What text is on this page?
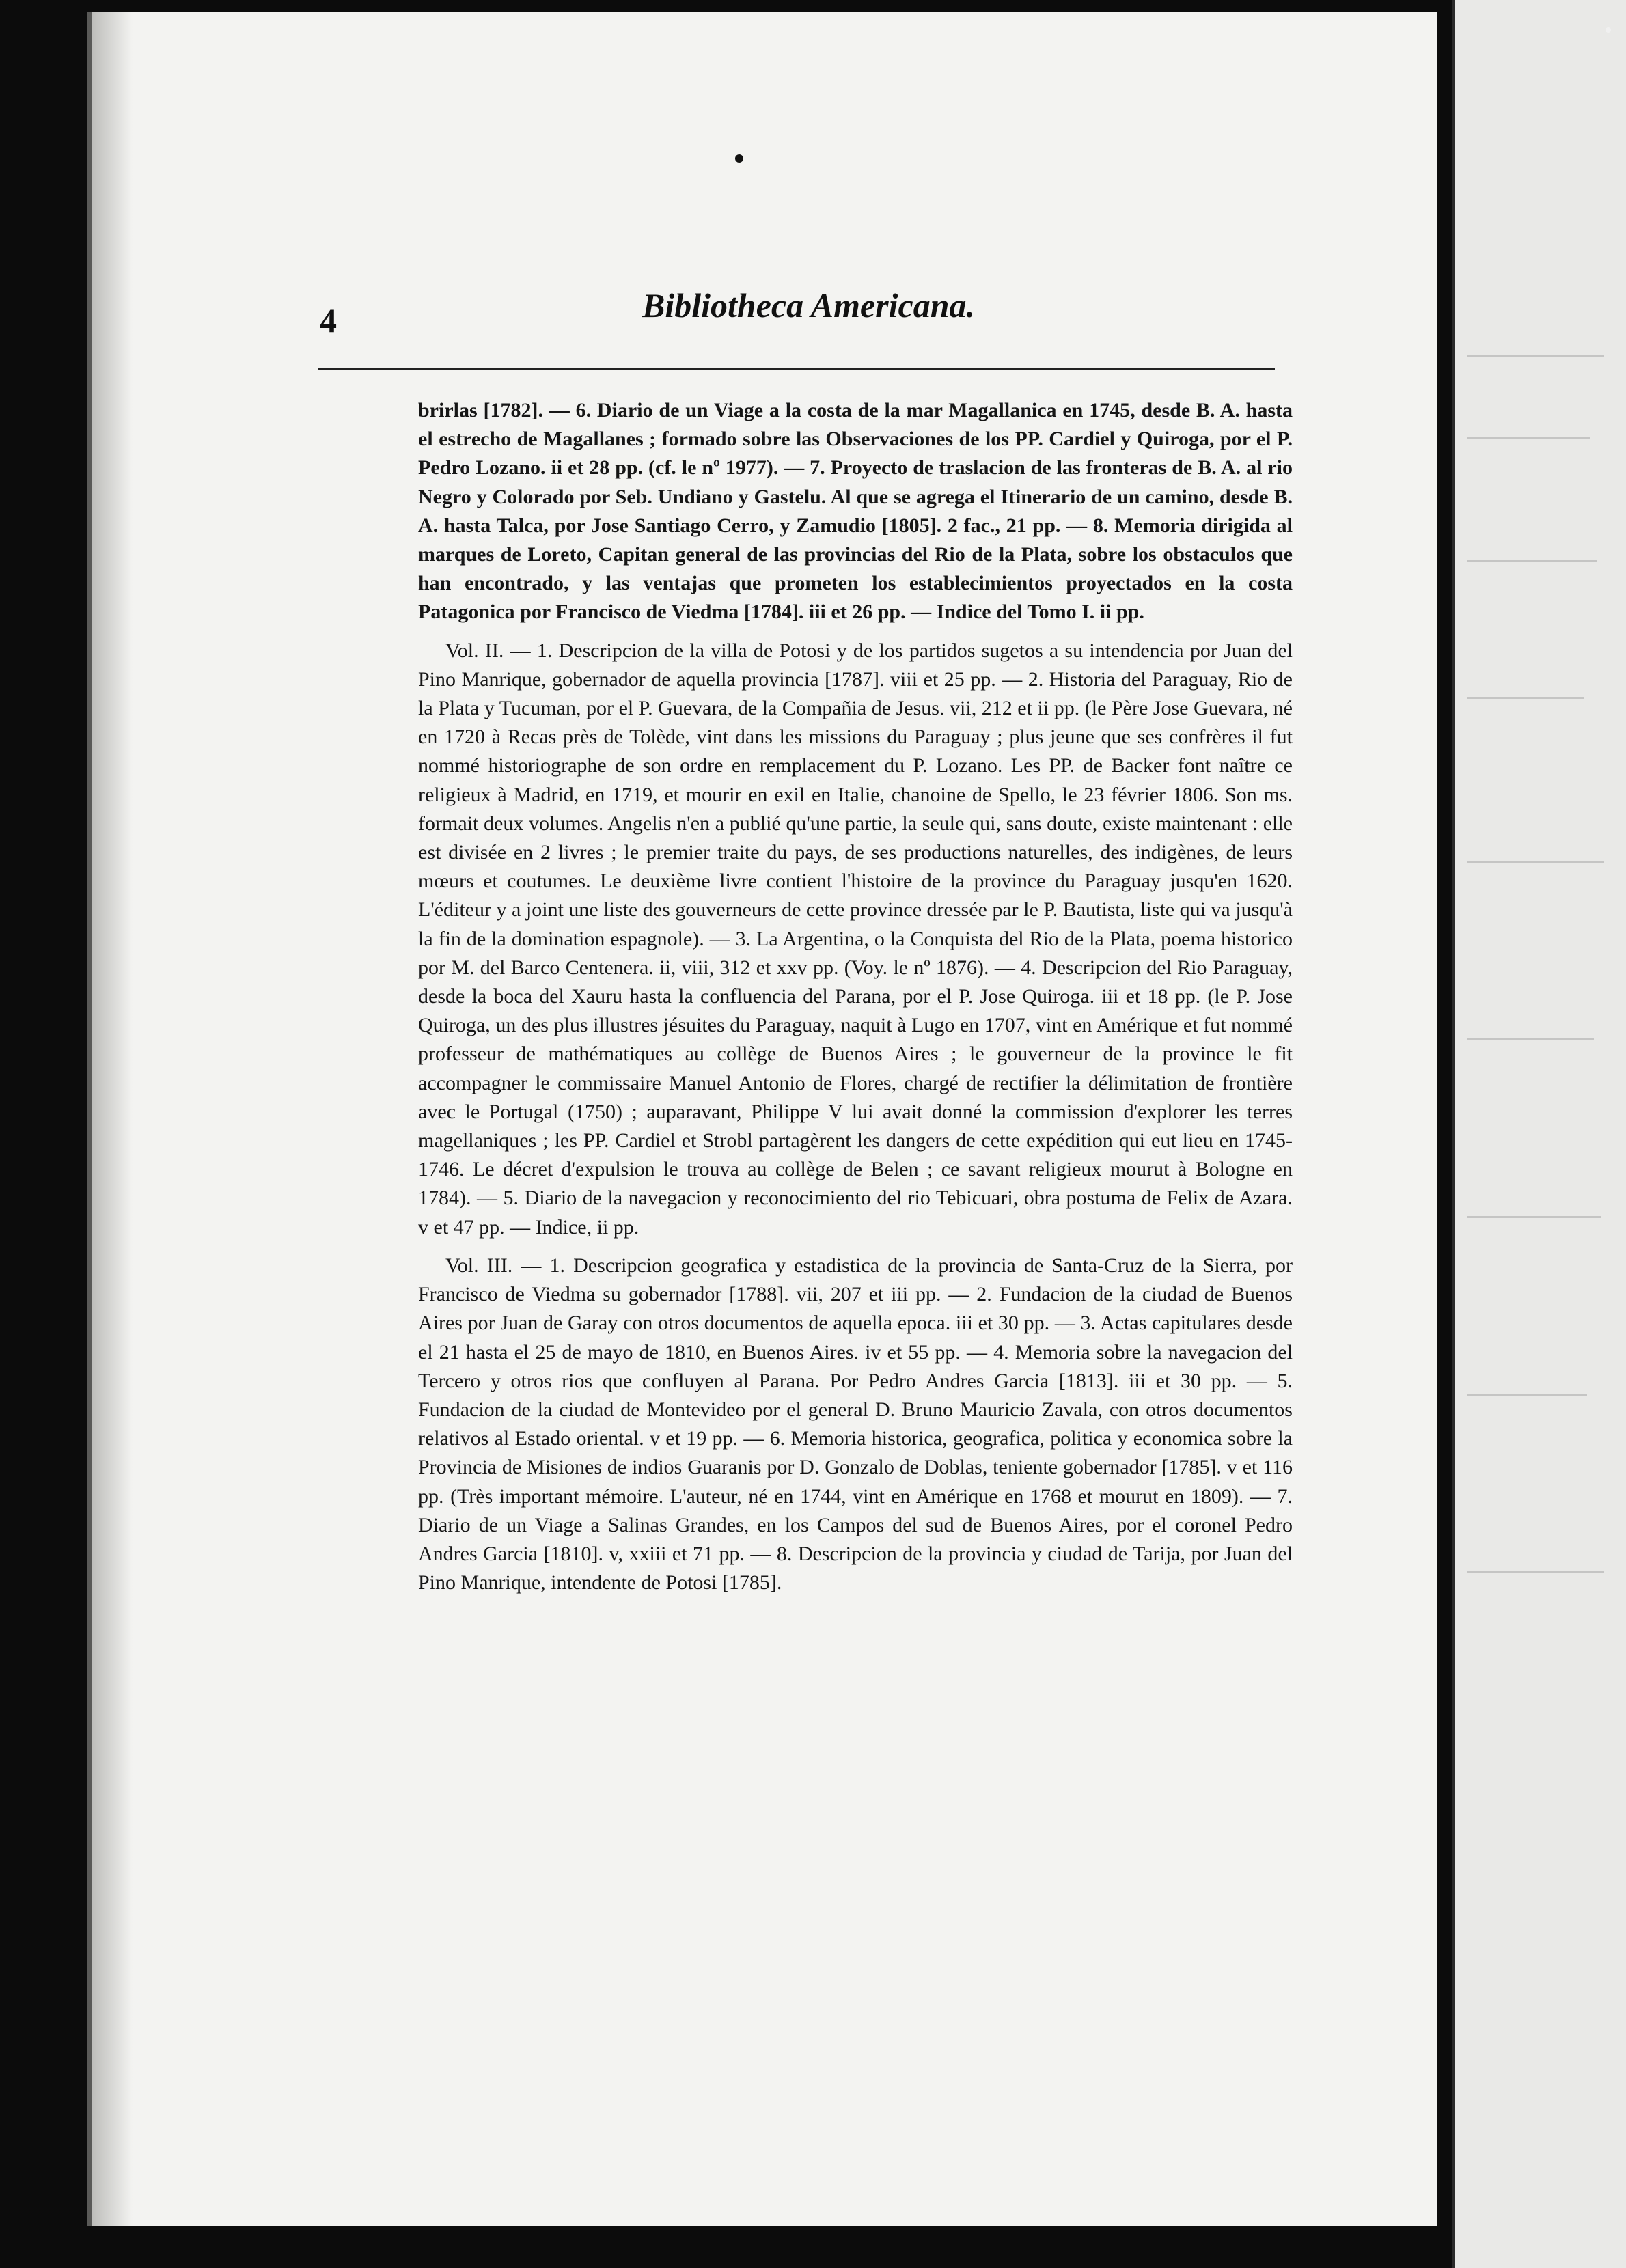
4	Bibliotheca Americana.

brirlas [1782]. — 6. Diario de un Viage a la costa de la mar Magallanica en 1745, desde B. A. hasta el estrecho de Magallanes ; formado sobre las Observaciones de los PP. Cardiel y Quiroga, por el P. Pedro Lozano. ii et 28 pp. (cf. le nº 1977). — 7. Proyecto de traslacion de las fronteras de B. A. al rio Negro y Colorado por Seb. Undiano y Gastelu. Al que se agrega el Itinerario de un camino, desde B. A. hasta Talca, por Jose Santiago Cerro, y Zamudio [1805]. 2 fac., 21 pp. — 8. Memoria dirigida al marques de Loreto, Capitan general de las provincias del Rio de la Plata, sobre los obstaculos que han encontrado, y las ventajas que prometen los establecimientos proyectados en la costa Patagonica por Francisco de Viedma [1784]. iii et 26 pp. — Indice del Tomo I. ii pp.

Vol. II. — 1. Descripcion de la villa de Potosi y de los partidos sugetos a su intendencia por Juan del Pino Manrique, gobernador de aquella provincia [1787]. viii et 25 pp. — 2. Historia del Paraguay, Rio de la Plata y Tucuman, por el P. Guevara, de la Compañia de Jesus. vii, 212 et ii pp. (le Père Jose Guevara, né en 1720 à Recas près de Tolède, vint dans les missions du Paraguay ; plus jeune que ses confrères il fut nommé historiographe de son ordre en remplacement du P. Lozano. Les PP. de Backer font naître ce religieux à Madrid, en 1719, et mourir en exil en Italie, chanoine de Spello, le 23 février 1806. Son ms. formait deux volumes. Angelis n'en a publié qu'une partie, la seule qui, sans doute, existe maintenant : elle est divisée en 2 livres ; le premier traite du pays, de ses productions naturelles, des indigènes, de leurs mœurs et coutumes. Le deuxième livre contient l'histoire de la province du Paraguay jusqu'en 1620. L'éditeur y a joint une liste des gouverneurs de cette province dressée par le P. Bautista, liste qui va jusqu'à la fin de la domination espagnole). — 3. La Argentina, o la Conquista del Rio de la Plata, poema historico por M. del Barco Centenera. ii, viii, 312 et xxv pp. (Voy. le nº 1876). — 4. Descripcion del Rio Paraguay, desde la boca del Xauru hasta la confluencia del Parana, por el P. Jose Quiroga. iii et 18 pp. (le P. Jose Quiroga, un des plus illustres jésuites du Paraguay, naquit à Lugo en 1707, vint en Amérique et fut nommé professeur de mathématiques au collège de Buenos Aires ; le gouverneur de la province le fit accompagner le commissaire Manuel Antonio de Flores, chargé de rectifier la délimitation de frontière avec le Portugal (1750) ; auparavant, Philippe V lui avait donné la commission d'explorer les terres magellaniques ; les PP. Cardiel et Strobl partagèrent les dangers de cette expédition qui eut lieu en 1745-1746. Le décret d'expulsion le trouva au collège de Belen ; ce savant religieux mourut à Bologne en 1784). — 5. Diario de la navegacion y reconocimiento del rio Tebicuari, obra postuma de Felix de Azara. v et 47 pp. — Indice, ii pp.

Vol. III. — 1. Descripcion geografica y estadistica de la provincia de Santa-Cruz de la Sierra, por Francisco de Viedma su gobernador [1788]. vii, 207 et iii pp. — 2. Fundacion de la ciudad de Buenos Aires por Juan de Garay con otros documentos de aquella epoca. iii et 30 pp. — 3. Actas capitulares desde el 21 hasta el 25 de mayo de 1810, en Buenos Aires. iv et 55 pp. — 4. Memoria sobre la navegacion del Tercero y otros rios que confluyen al Parana. Por Pedro Andres Garcia [1813]. iii et 30 pp. — 5. Fundacion de la ciudad de Montevideo por el general D. Bruno Mauricio Zavala, con otros documentos relativos al Estado oriental. v et 19 pp. — 6. Memoria historica, geografica, politica y economica sobre la Provincia de Misiones de indios Guaranis por D. Gonzalo de Doblas, teniente gobernador [1785]. v et 116 pp. (Très important mémoire. L'auteur, né en 1744, vint en Amérique en 1768 et mourut en 1809). — 7. Diario de un Viage a Salinas Grandes, en los Campos del sud de Buenos Aires, por el coronel Pedro Andres Garcia [1810]. v, xxiii et 71 pp. — 8. Descripcion de la provincia y ciudad de Tarija, por Juan del Pino Manrique, intendente de Potosi [1785].
